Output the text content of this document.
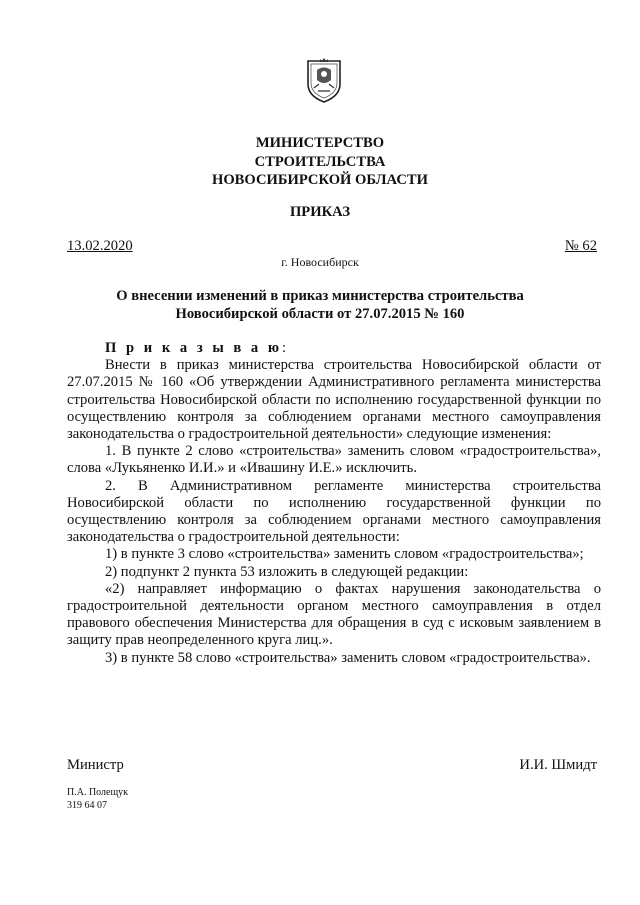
МИНИСТЕРСТВО
СТРОИТЕЛЬСТВА
НОВОСИБИРСКОЙ ОБЛАСТИ
ПРИКАЗ
13.02.2020	№ 62
г. Новосибирск
О внесении изменений в приказ министерства строительства
Новосибирской области от 27.07.2015 № 160

П р и к а з ы в а ю:

Внести в приказ министерства строительства Новосибирской области от 27.07.2015 № 160 «Об утверждении Административного регламента министерства строительства Новосибирской области по исполнению государственной функции по осуществлению контроля за соблюдением органами местного самоуправления законодательства о градостроительной деятельности» следующие изменения:

1. В пункте 2 слово «строительства» заменить словом «градостроительства», слова «Лукьяненко И.И.» и «Ивашину И.Е.» исключить.

2. В Административном регламенте министерства строительства Новосибирской области по исполнению государственной функции по осуществлению контроля за соблюдением органами местного самоуправления законодательства о градостроительной деятельности:

1) в пункте 3 слово «строительства» заменить словом «градостроительства»;

2) подпункт 2 пункта 53 изложить в следующей редакции:

«2) направляет информацию о фактах нарушения законодательства о градостроительной деятельности органом местного самоуправления в отдел правового обеспечения Министерства для обращения в суд с исковым заявлением в защиту прав неопределенного круга лиц.».

3) в пункте 58 слово «строительства» заменить словом «градостроительства».

Министр	И.И. Шмидт
П.А. Полещук
319 64 07
